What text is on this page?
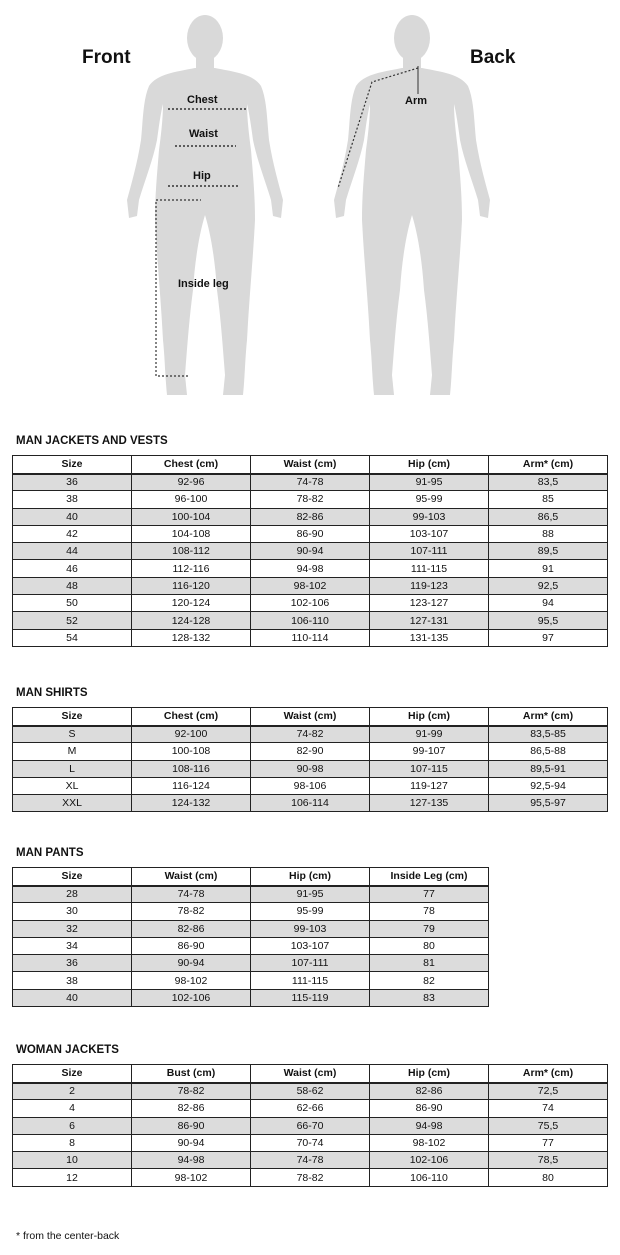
Front	Back
Chest
Waist
Hip
Inside leg
Arm
MAN JACKETS AND VESTS
Size	Chest (cm)	Waist (cm)	Hip (cm)	Arm* (cm)
36	92-96	74-78	91-95	83,5
38	96-100	78-82	95-99	85
40	100-104	82-86	99-103	86,5
42	104-108	86-90	103-107	88
44	108-112	90-94	107-111	89,5
46	112-116	94-98	111-115	91
48	116-120	98-102	119-123	92,5
50	120-124	102-106	123-127	94
52	124-128	106-110	127-131	95,5
54	128-132	110-114	131-135	97
MAN SHIRTS
Size	Chest (cm)	Waist (cm)	Hip (cm)	Arm* (cm)
S	92-100	74-82	91-99	83,5-85
M	100-108	82-90	99-107	86,5-88
L	108-116	90-98	107-115	89,5-91
XL	116-124	98-106	119-127	92,5-94
XXL	124-132	106-114	127-135	95,5-97
MAN PANTS
Size	Waist (cm)	Hip (cm)	Inside Leg (cm)
28	74-78	91-95	77
30	78-82	95-99	78
32	82-86	99-103	79
34	86-90	103-107	80
36	90-94	107-111	81
38	98-102	111-115	82
40	102-106	115-119	83
WOMAN JACKETS
Size	Bust (cm)	Waist (cm)	Hip (cm)	Arm* (cm)
2	78-82	58-62	82-86	72,5
4	82-86	62-66	86-90	74
6	86-90	66-70	94-98	75,5
8	90-94	70-74	98-102	77
10	94-98	74-78	102-106	78,5
12	98-102	78-82	106-110	80
* from the center-back
